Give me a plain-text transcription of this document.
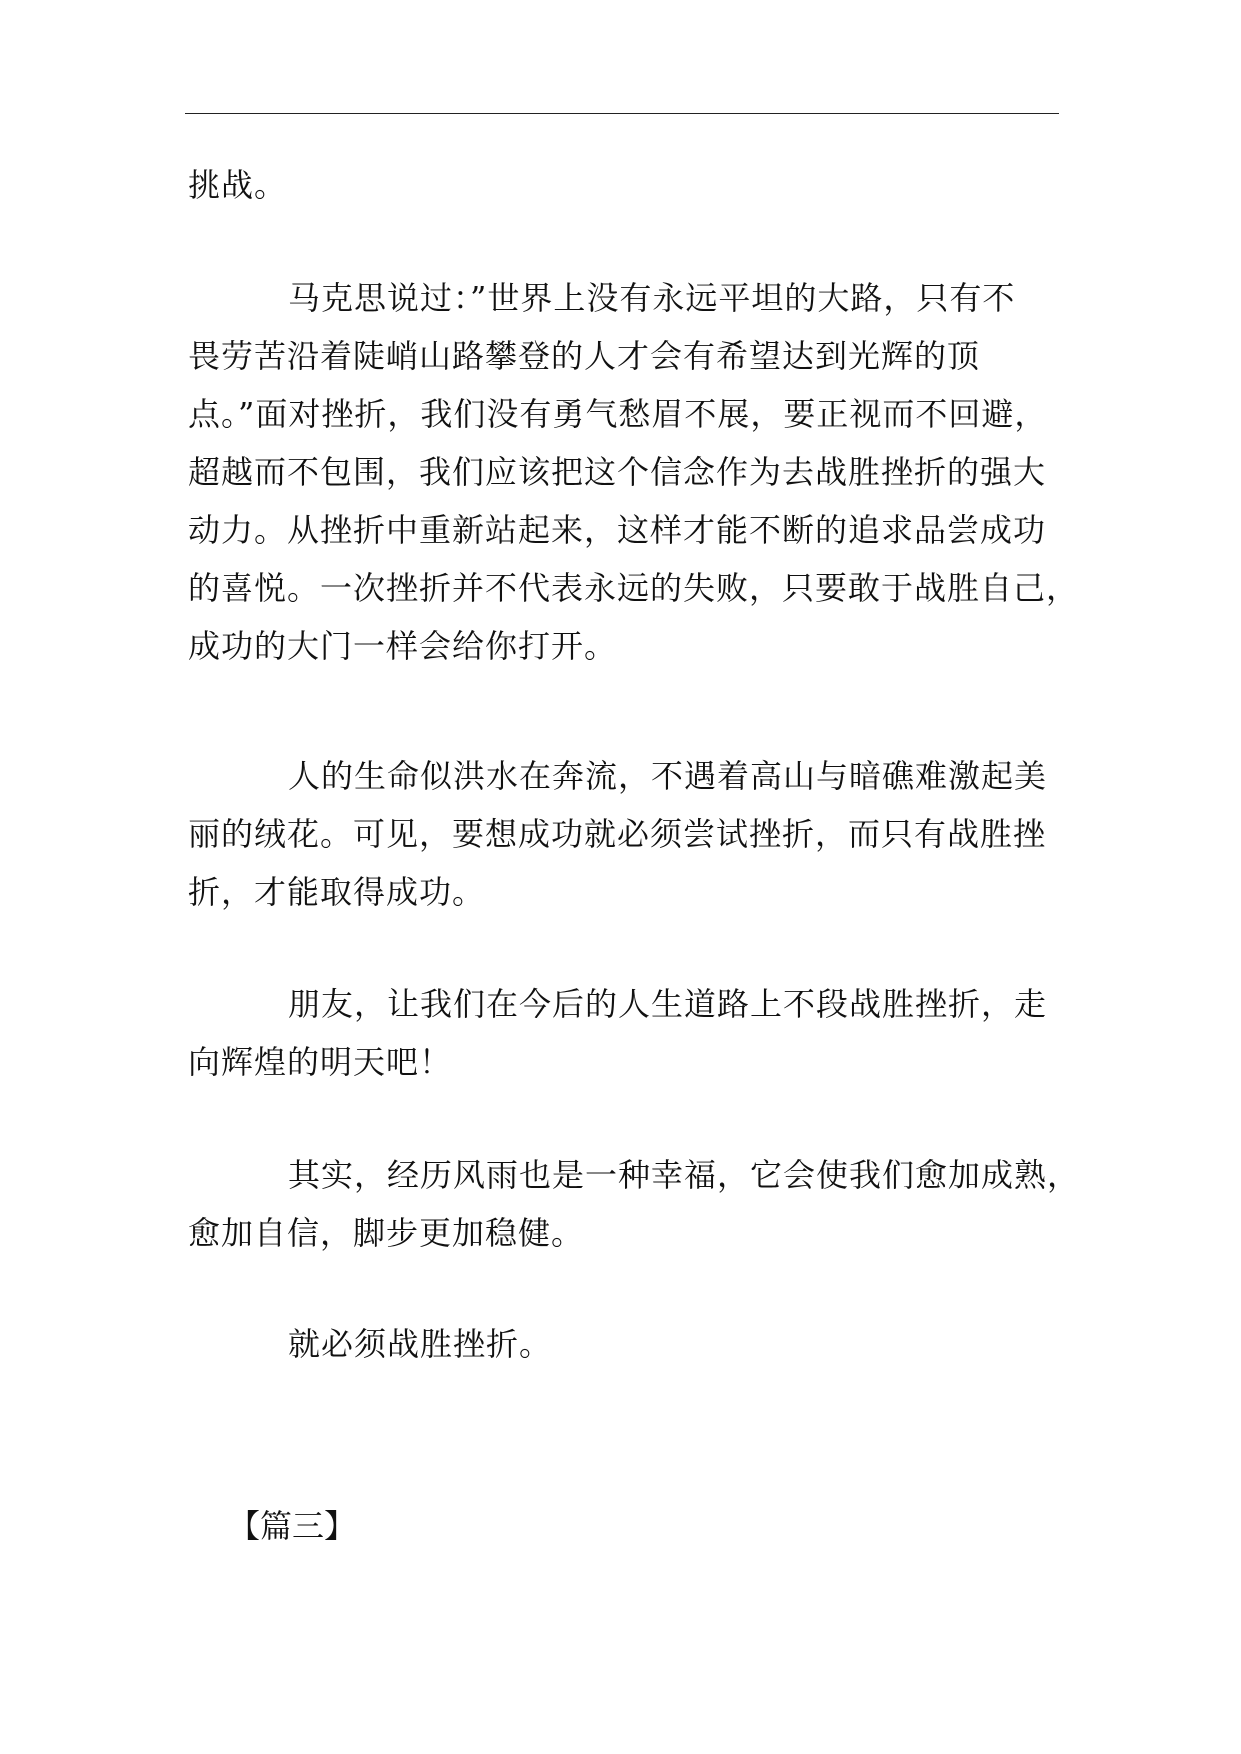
挑战。
马克思说过：”世界上没有永远平坦的大路，只有不
畏劳苦沿着陡峭山路攀登的人才会有希望达到光辉的顶
点。”面对挫折，我们没有勇气愁眉不展，要正视而不回避，
超越而不包围，我们应该把这个信念作为去战胜挫折的强大
动力。从挫折中重新站起来，这样才能不断的追求品尝成功
的喜悦。一次挫折并不代表永远的失败，只要敢于战胜自己，
成功的大门一样会给你打开。
人的生命似洪水在奔流，不遇着高山与暗礁难激起美
丽的绒花。可见，要想成功就必须尝试挫折，而只有战胜挫
折，才能取得成功。
朋友，让我们在今后的人生道路上不段战胜挫折，走
向辉煌的明天吧！
其实，经历风雨也是一种幸福，它会使我们愈加成熟，
愈加自信，脚步更加稳健。
就必须战胜挫折。
【篇三】
